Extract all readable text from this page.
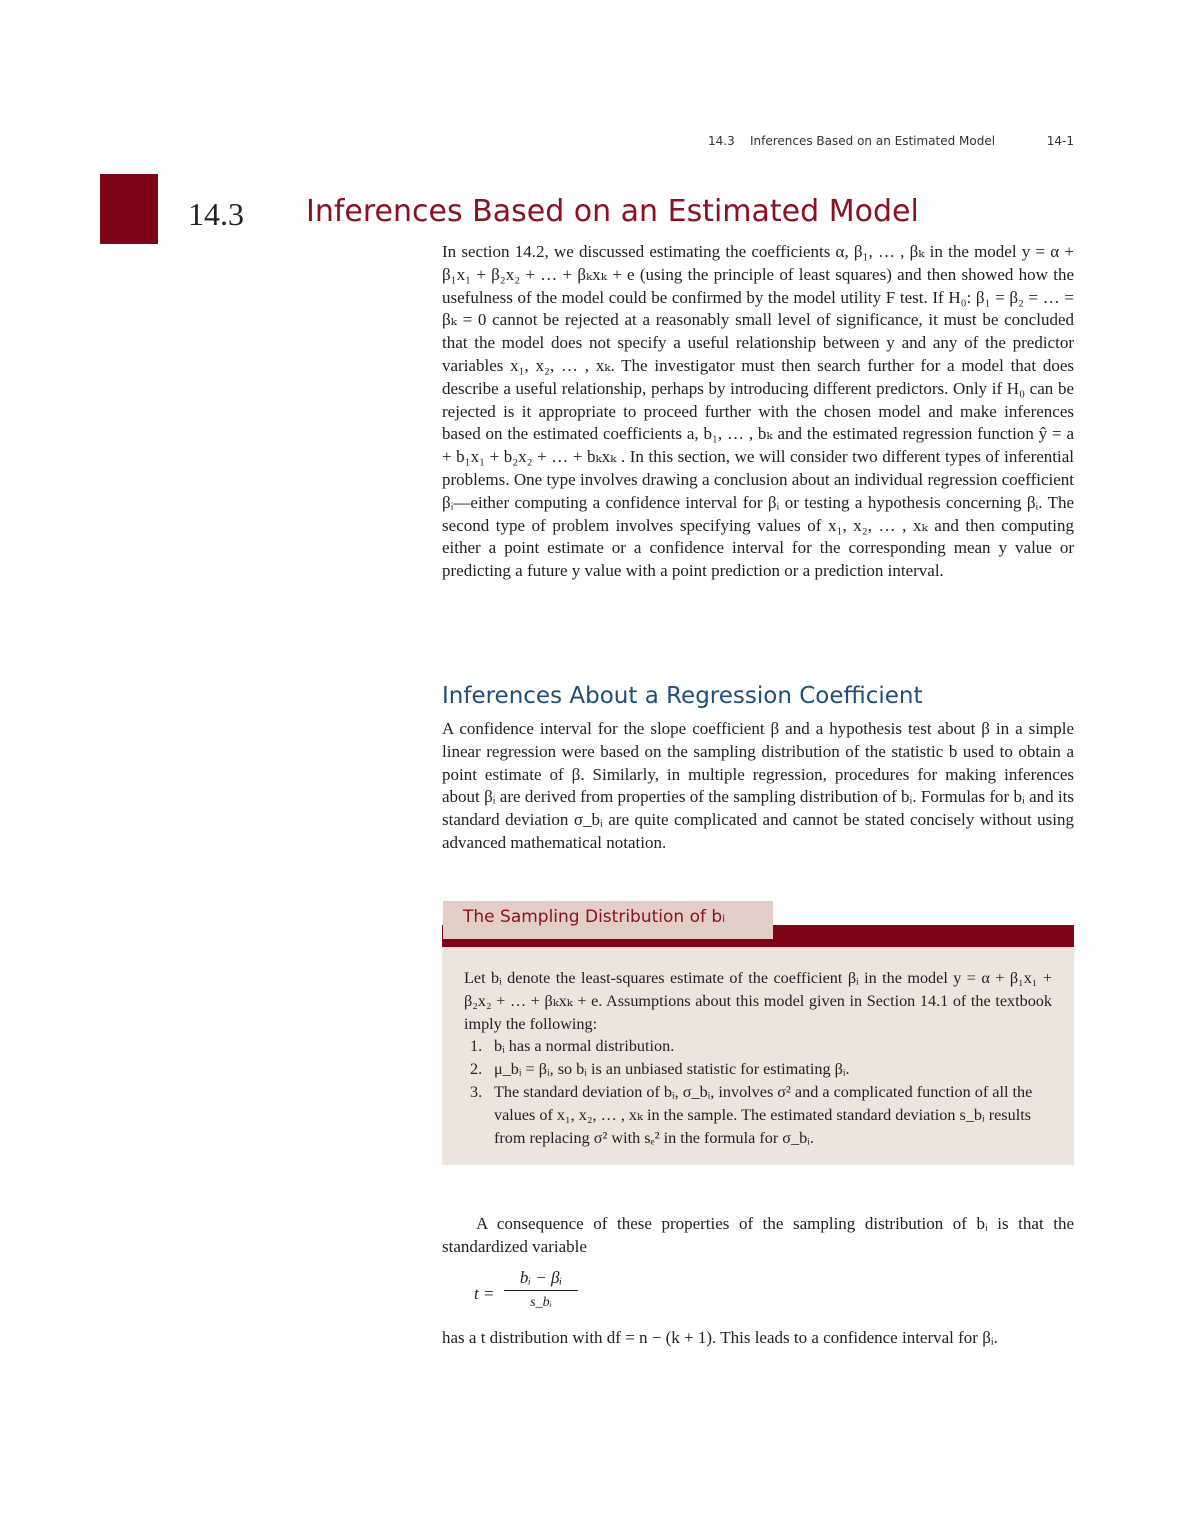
14.3    Inferences Based on an Estimated Model	14-1
14.3 Inferences Based on an Estimated Model

In section 14.2, we discussed estimating the coefficients α, β₁, … , βₖ in the model y = α + β₁x₁ + β₂x₂ + … + βₖxₖ + e (using the principle of least squares) and then showed how the usefulness of the model could be confirmed by the model utility F test. If H₀: β₁ = β₂ = … = βₖ = 0 cannot be rejected at a reasonably small level of significance, it must be concluded that the model does not specify a useful relationship between y and any of the predictor variables x₁, x₂, … , xₖ. The investigator must then search further for a model that does describe a useful relationship, perhaps by introducing different predictors. Only if H₀ can be rejected is it appropriate to proceed further with the chosen model and make inferences based on the estimated coefficients a, b₁, … , bₖ and the estimated regression function ŷ = a + b₁x₁ + b₂x₂ + … + bₖxₖ . In this section, we will consider two different types of inferential problems. One type involves drawing a conclusion about an individual regression coefficient βᵢ—either computing a confidence interval for βᵢ or testing a hypothesis concerning βᵢ. The second type of problem involves specifying values of x₁, x₂, … , xₖ and then computing either a point estimate or a confidence interval for the corresponding mean y value or predicting a future y value with a point prediction or a prediction interval.

Inferences About a Regression Coefficient

A confidence interval for the slope coefficient β and a hypothesis test about β in a simple linear regression were based on the sampling distribution of the statistic b used to obtain a point estimate of β. Similarly, in multiple regression, procedures for making inferences about βᵢ are derived from properties of the sampling distribution of bᵢ. Formulas for bᵢ and its standard deviation σ_bᵢ are quite complicated and cannot be stated concisely without using advanced mathematical notation.

The Sampling Distribution of bᵢ

Let bᵢ denote the least-squares estimate of the coefficient βᵢ in the model y = α + β₁x₁ + β₂x₂ + … + βₖxₖ + e. Assumptions about this model given in Section 14.1 of the textbook imply the following:

1. bᵢ has a normal distribution.
2. μ_bᵢ = βᵢ, so bᵢ is an unbiased statistic for estimating βᵢ.
3. The standard deviation of bᵢ, σ_bᵢ, involves σ² and a complicated function of all the values of x₁, x₂, … , xₖ in the sample. The estimated standard deviation s_bᵢ results from replacing σ² with sₑ² in the formula for σ_bᵢ.

A consequence of these properties of the sampling distribution of bᵢ is that the standardized variable

t =
bᵢ − βᵢ
s_bᵢ

has a t distribution with df = n − (k + 1). This leads to a confidence interval for βᵢ.
